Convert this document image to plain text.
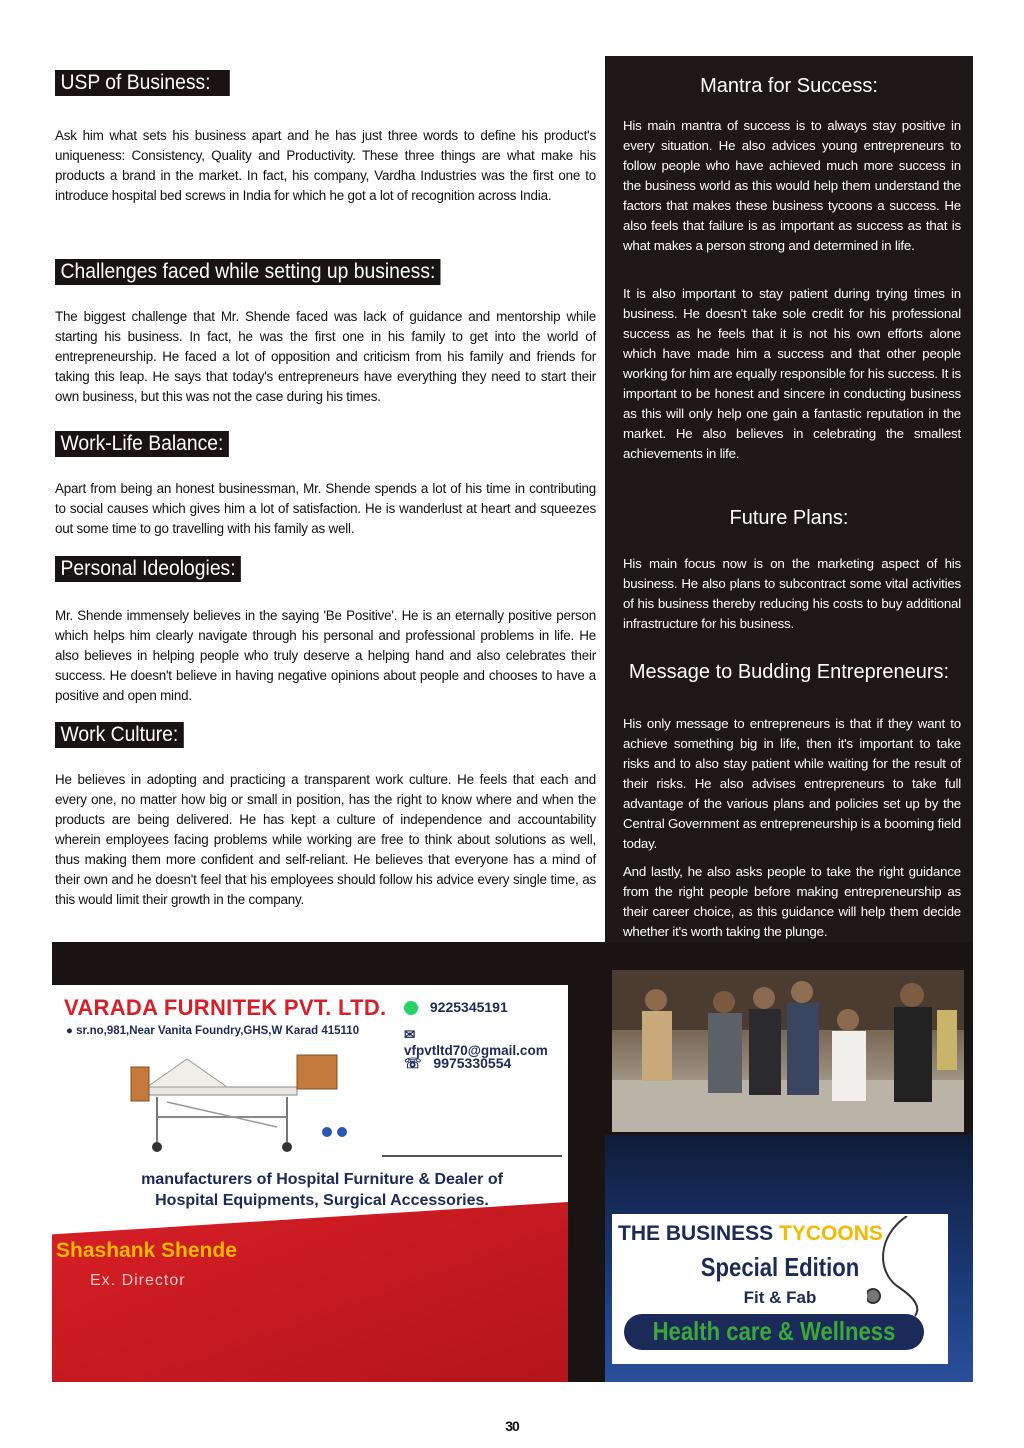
USP of Business:

Ask him what sets his business apart and he has just three words to define his product's uniqueness: Consistency, Quality and Productivity. These three things are what make his products a brand in the market. In fact, his company, Vardha Industries was the first one to introduce hospital bed screws in India for which he got a lot of recognition across India.

Challenges faced while setting up business:

The biggest challenge that Mr. Shende faced was lack of guidance and mentorship while starting his business. In fact, he was the first one in his family to get into the world of entrepreneurship. He faced a lot of opposition and criticism from his family and friends for taking this leap. He says that today's entrepreneurs have everything they need to start their own business, but this was not the case during his times.

Work-Life Balance:

Apart from being an honest businessman, Mr. Shende spends a lot of his time in contributing to social causes which gives him a lot of satisfaction. He is wanderlust at heart and squeezes out some time to go travelling with his family as well.

Personal Ideologies:

Mr. Shende immensely believes in the saying 'Be Positive'. He is an eternally positive person which helps him clearly navigate through his personal and professional problems in life. He also believes in helping people who truly deserve a helping hand and also celebrates their success. He doesn't believe in having negative opinions about people and chooses to have a positive and open mind.

Work Culture:

He believes in adopting and practicing a transparent work culture. He feels that each and every one, no matter how big or small in position, has the right to know where and when the products are being delivered. He has kept a culture of independence and accountability wherein employees facing problems while working are free to think about solutions as well, thus making them more confident and self-reliant. He believes that everyone has a mind of their own and he doesn't feel that his employees should follow his advice every single time, as this would limit their growth in the company.

Mantra for Success:

His main mantra of success is to always stay positive in every situation. He also advices young entrepreneurs to follow people who have achieved much more success in the business world as this would help them understand the factors that makes these business tycoons a success. He also feels that failure is as important as success as that is what makes a person strong and determined in life.

It is also important to stay patient during trying times in business. He doesn't take sole credit for his professional success as he feels that it is not his own efforts alone which have made him a success and that other people working for him are equally responsible for his success. It is important to be honest and sincere in conducting business as this will only help one gain a fantastic reputation in the market. He also believes in celebrating the smallest achievements in life.

Future Plans:

His main focus now is on the marketing aspect of his business. He also plans to subcontract some vital activities of his business thereby reducing his costs to buy additional infrastructure for his business.

Message to Budding Entrepreneurs:

His only message to entrepreneurs is that if they want to achieve something big in life, then it's important to take risks and to also stay patient while waiting for the result of their risks. He also advises entrepreneurs to take full advantage of the various plans and policies set up by the Central Government as entrepreneurship is a booming field today.

And lastly, he also asks people to take the right guidance from the right people before making entrepreneurship as their career choice, as this guidance will help them decide whether it's worth taking the plunge.

VARADA FURNITEK PVT. LTD.
● sr.no,981,Near Vanita Foundry,GHS,W Karad 415110
9225345191
✉ vfpvtltd70@gmail.com
☏ 9975330554
manufacturers of Hospital Furniture & Dealer of
Hospital Equipments, Surgical Accessories.
Shashank Shende
Ex. Director
THE BUSINESS TYCOONS
Special Edition
Fit & Fab
Health care & Wellness
30
